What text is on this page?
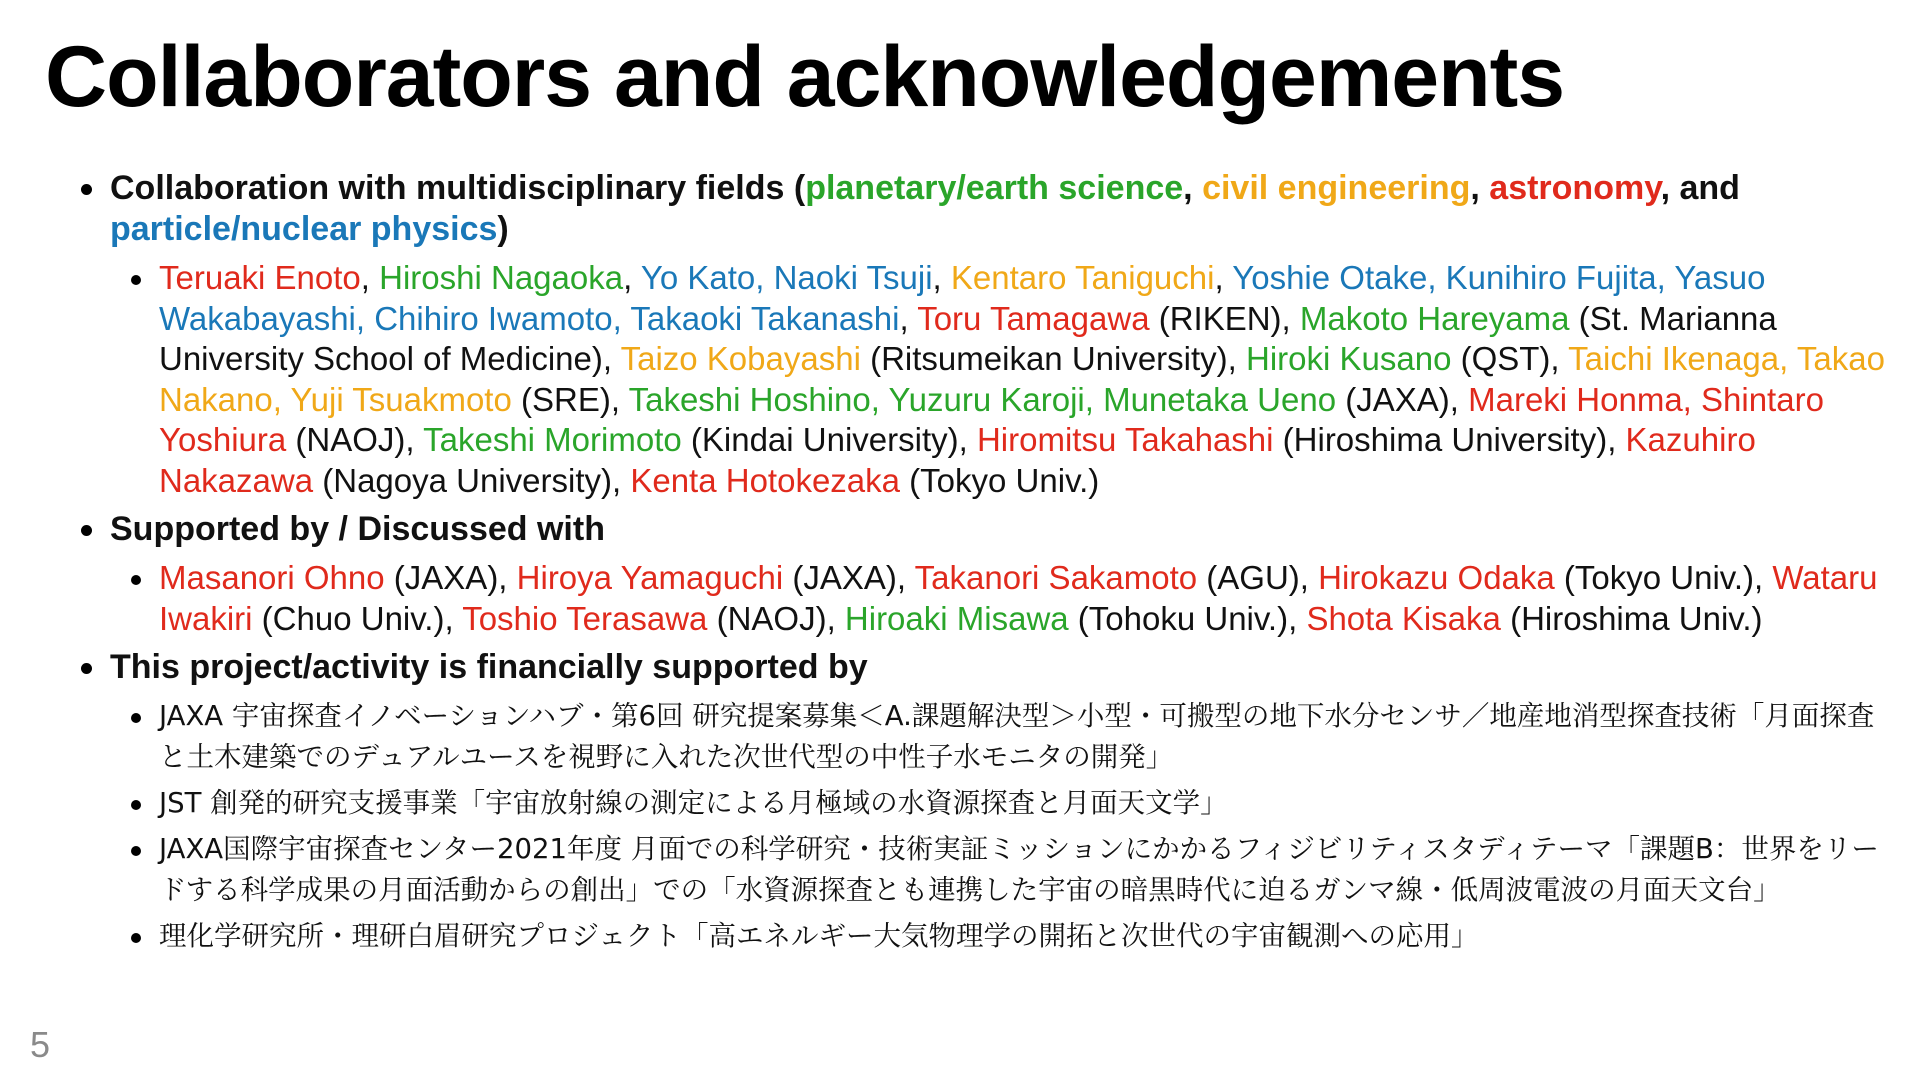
Collaborators and acknowledgements
Collaboration with multidisciplinary fields (planetary/earth science, civil engineering, astronomy, and particle/nuclear physics)
Teruaki Enoto, Hiroshi Nagaoka, Yo Kato, Naoki Tsuji, Kentaro Taniguchi, Yoshie Otake, Kunihiro Fujita, Yasuo Wakabayashi, Chihiro Iwamoto, Takaoki Takanashi, Toru Tamagawa (RIKEN), Makoto Hareyama (St. Marianna University School of Medicine), Taizo Kobayashi (Ritsumeikan University), Hiroki Kusano (QST), Taichi Ikenaga, Takao Nakano, Yuji Tsuakmoto (SRE), Takeshi Hoshino, Yuzuru Karoji, Munetaka Ueno (JAXA), Mareki Honma, Shintaro Yoshiura (NAOJ), Takeshi Morimoto (Kindai University), Hiromitsu Takahashi (Hiroshima University), Kazuhiro Nakazawa (Nagoya University), Kenta Hotokezaka (Tokyo Univ.)
Supported by / Discussed with
Masanori Ohno (JAXA), Hiroya Yamaguchi (JAXA), Takanori Sakamoto (AGU), Hirokazu Odaka (Tokyo Univ.), Wataru Iwakiri (Chuo Univ.), Toshio Terasawa (NAOJ), Hiroaki Misawa (Tohoku Univ.), Shota Kisaka (Hiroshima Univ.)
This project/activity is financially supported by
JAXA 宇宙探査イノベーションハブ・第6回 研究提案募集＜A.課題解決型＞小型・可搬型の地下水分センサ／地産地消型探査技術「月面探査と土木建築でのデュアルユースを視野に入れた次世代型の中性子水モニタの開発」
JST 創発的研究支援事業「宇宙放射線の測定による月極域の水資源探査と月面天文学」
JAXA国際宇宙探査センター2021年度 月面での科学研究・技術実証ミッションにかかるフィジビリティスタディテーマ「課題B：世界をリードする科学成果の月面活動からの創出」での「水資源探査とも連携した宇宙の暗黒時代に迫るガンマ線・低周波電波の月面天文台」
理化学研究所・理研白眉研究プロジェクト「高エネルギー大気物理学の開拓と次世代の宇宙観測への応用」
5
